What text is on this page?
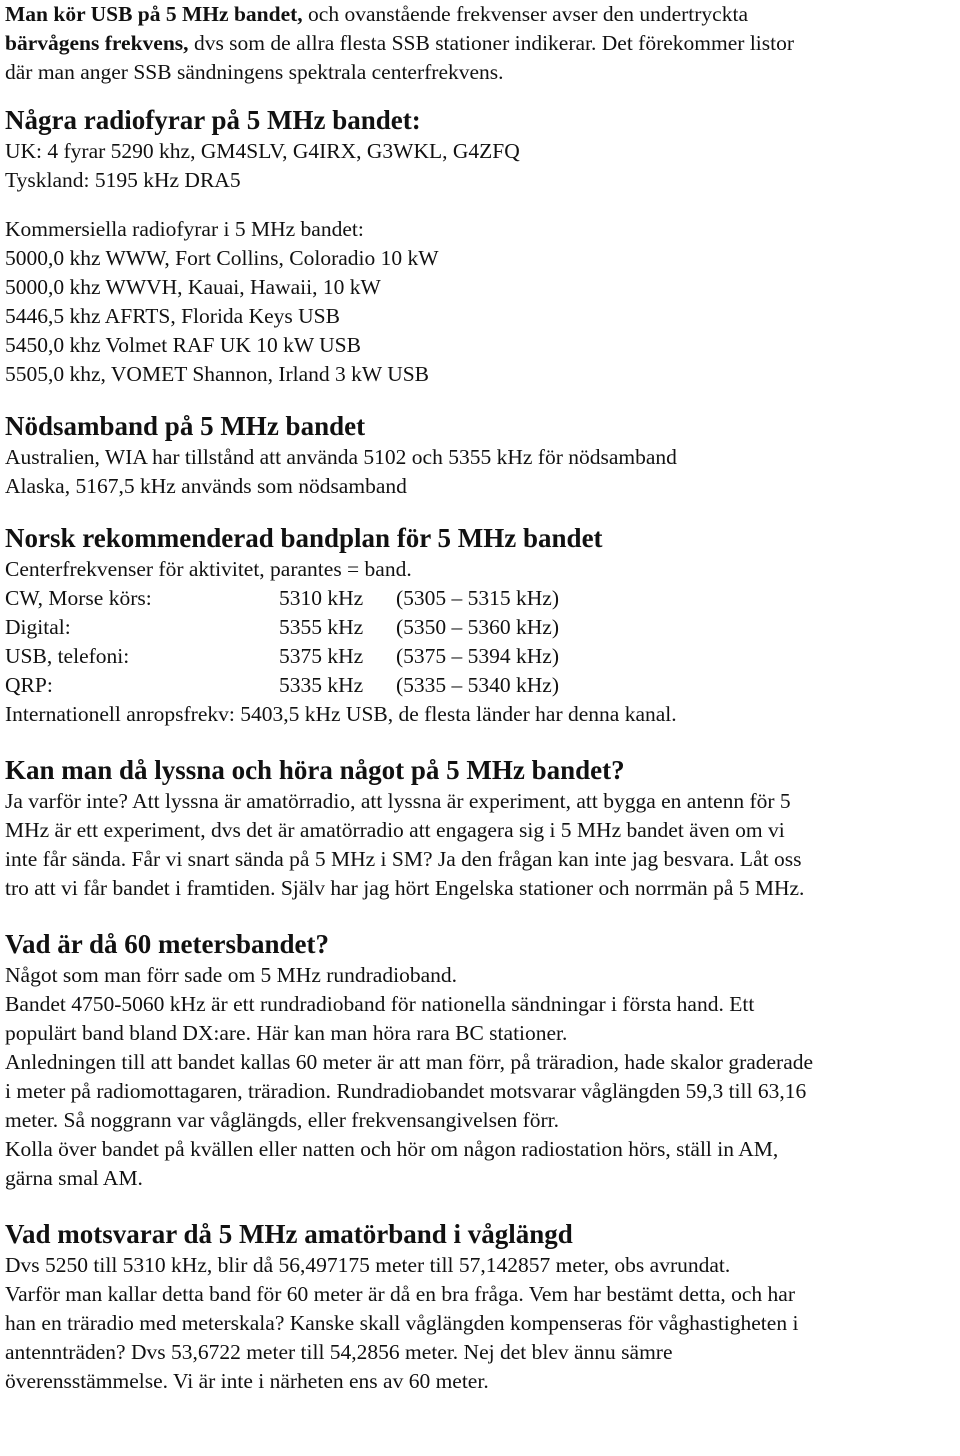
Man kör USB på 5 MHz bandet, och ovanstående frekvenser avser den undertryckta
bärvågens frekvens, dvs som de allra flesta SSB stationer indikerar. Det förekommer listor
där man anger SSB sändningens spektrala centerfrekvens.
Några radiofyrar på 5 MHz bandet:
UK: 4 fyrar 5290 khz, GM4SLV, G4IRX, G3WKL, G4ZFQ
Tyskland: 5195 kHz DRA5
Kommersiella radiofyrar i 5 MHz bandet:
5000,0 khz WWW, Fort Collins, Coloradio 10 kW
5000,0 khz WWVH, Kauai, Hawaii, 10 kW
5446,5 khz AFRTS, Florida Keys USB
5450,0 khz Volmet RAF UK 10 kW USB
5505,0 khz, VOMET Shannon, Irland 3 kW USB
Nödsamband på 5 MHz bandet
Australien, WIA har tillstånd att använda 5102 och 5355 kHz för nödsamband
Alaska, 5167,5 kHz används som nödsamband
Norsk rekommenderad bandplan för 5 MHz bandet
Centerfrekvenser för aktivitet, parantes = band.
CW, Morse körs:	5310 kHz (5305 – 5315 kHz)
Digital:	5355 kHz (5350 – 5360 kHz)
USB, telefoni:	5375 kHz (5375 – 5394 kHz)
QRP:	5335 kHz (5335 – 5340 kHz)
Internationell anropsfrekv: 5403,5 kHz USB, de flesta länder har denna kanal.
Kan man då lyssna och höra något på 5 MHz bandet?
Ja varför inte? Att lyssna är amatörradio, att lyssna är experiment, att bygga en antenn för 5
MHz är ett experiment, dvs det är amatörradio att engagera sig i 5 MHz bandet även om vi
inte får sända. Får vi snart sända på 5 MHz i SM? Ja den frågan kan inte jag besvara. Låt oss
tro att vi får bandet i framtiden. Själv har jag hört Engelska stationer och norrmän på 5 MHz.
Vad är då 60 metersbandet?
Något som man förr sade om 5 MHz rundradioband.
Bandet 4750-5060 kHz är ett rundradioband för nationella sändningar i första hand. Ett
populärt band bland DX:are. Här kan man höra rara BC stationer.
Anledningen till att bandet kallas 60 meter är att man förr, på träradion, hade skalor graderade
i meter på radiomottagaren, träradion. Rundradiobandet motsvarar våglängden 59,3 till 63,16
meter. Så noggrann var våglängds, eller frekvensangivelsen förr.
Kolla över bandet på kvällen eller natten och hör om någon radiostation hörs, ställ in AM,
gärna smal AM.
Vad motsvarar då 5 MHz amatörband i våglängd
Dvs 5250 till 5310 kHz, blir då 56,497175 meter till 57,142857 meter, obs avrundat.
Varför man kallar detta band för 60 meter är då en bra fråga. Vem har bestämt detta, och har
han en träradio med meterskala? Kanske skall våglängden kompenseras för våghastigheten i
antennträden? Dvs 53,6722 meter till 54,2856 meter. Nej det blev ännu sämre
överensstämmelse. Vi är inte i närheten ens av 60 meter.
